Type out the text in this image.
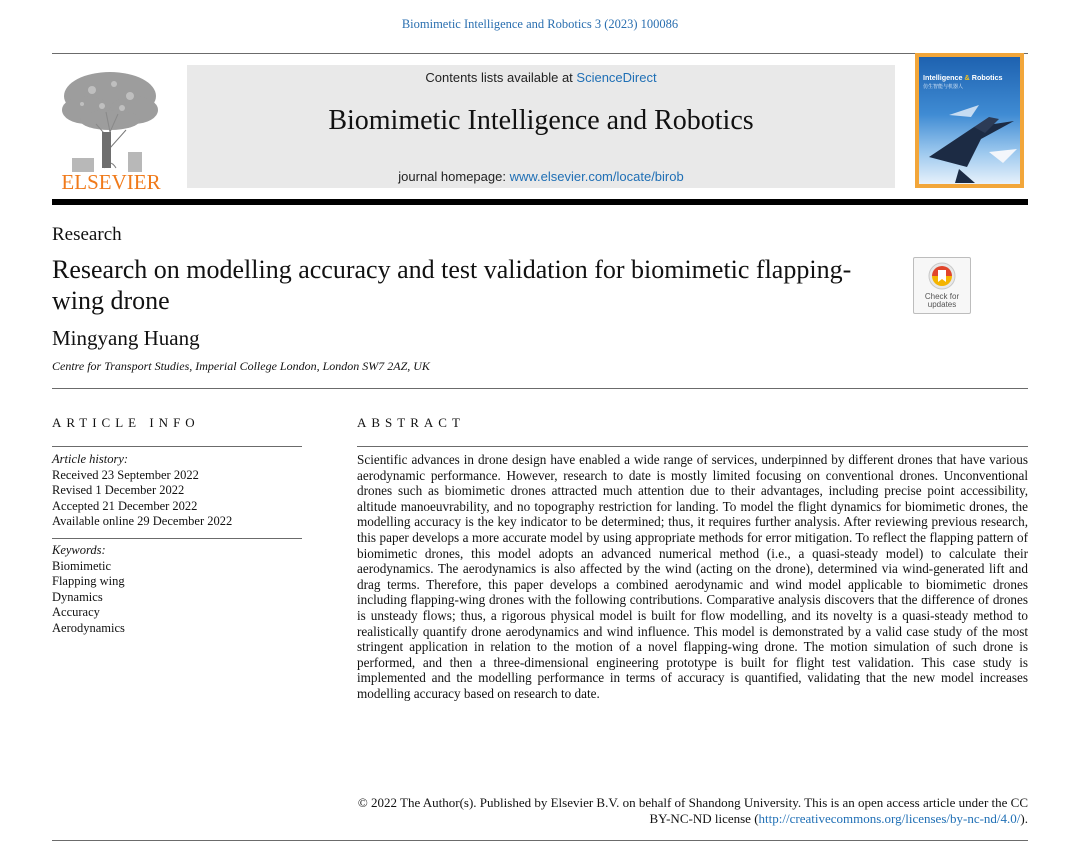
Biomimetic Intelligence and Robotics 3 (2023) 100086
ELSEVIER
Contents lists available at ScienceDirect
Biomimetic Intelligence and Robotics
journal homepage: www.elsevier.com/locate/birob
Intelligence & Robotics
仿生智能与机器人
Research
Research on modelling accuracy and test validation for biomimetic flapping-wing drone
Mingyang Huang
Centre for Transport Studies, Imperial College London, London SW7 2AZ, UK
Check for updates
ARTICLE INFO
Article history:
Received 23 September 2022
Revised 1 December 2022
Accepted 21 December 2022
Available online 29 December 2022
Keywords:
Biomimetic
Flapping wing
Dynamics
Accuracy
Aerodynamics
ABSTRACT
Scientific advances in drone design have enabled a wide range of services, underpinned by different drones that have various aerodynamic performance. However, research to date is mostly limited focusing on conventional drones. Unconventional drones such as biomimetic drones attracted much attention due to their advantages, including precise point accessibility, altitude manoeuvrability, and no topography restriction for landing. To model the flight dynamics for biomimetic drones, the modelling accuracy is the key indicator to be determined; thus, it requires further analysis. After reviewing previous research, this paper develops a more accurate model by using appropriate methods for error mitigation. To reflect the flapping pattern of biomimetic drones, this model adopts an advanced numerical method (i.e., a quasi-steady model) to calculate their aerodynamics. The aerodynamics is also affected by the wind (acting on the drone), determined via wind-generated lift and drag terms. Therefore, this paper develops a combined aerodynamic and wind model applicable to biomimetic drones including flapping-wing drones with the following contributions. Comparative analysis discovers that the difference of drones is unsteady flows; thus, a rigorous physical model is built for flow modelling, and its novelty is a quasi-steady method to realistically quantify drone aerodynamics and wind influence. This model is demonstrated by a valid case study of the most stringent application in relation to the motion of a novel flapping-wing drone. The motion simulation of such drone is performed, and then a three-dimensional engineering prototype is built for flight test validation. This case study is implemented and the modelling performance in terms of accuracy is quantified, validating that the new model increases modelling accuracy based on research to date.
© 2022 The Author(s). Published by Elsevier B.V. on behalf of Shandong University. This is an open access article under the CC BY-NC-ND license (http://creativecommons.org/licenses/by-nc-nd/4.0/).
